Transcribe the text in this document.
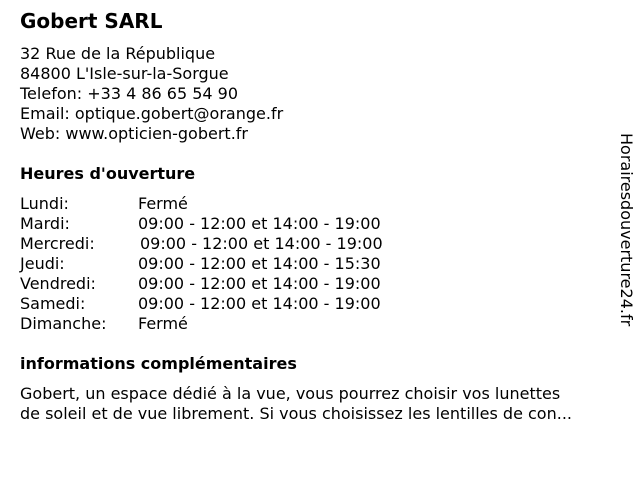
Gobert SARL
32 Rue de la République
84800 L'Isle-sur-la-Sorgue
Telefon: +33 4 86 65 54 90
Email: optique.gobert@orange.fr
Web: www.opticien-gobert.fr
Heures d'ouverture
Lundi:	Fermé
Mardi:	09:00 - 12:00 et 14:00 - 19:00
Mercredi:	09:00 - 12:00 et 14:00 - 19:00
Jeudi:	09:00 - 12:00 et 14:00 - 15:30
Vendredi:	09:00 - 12:00 et 14:00 - 19:00
Samedi:	09:00 - 12:00 et 14:00 - 19:00
Dimanche: Fermé
informations complémentaires
Gobert, un espace dédié à la vue, vous pourrez choisir vos lunettes
de soleil et de vue librement. Si vous choisissez les lentilles de con...
Horairesdouverture24.fr
